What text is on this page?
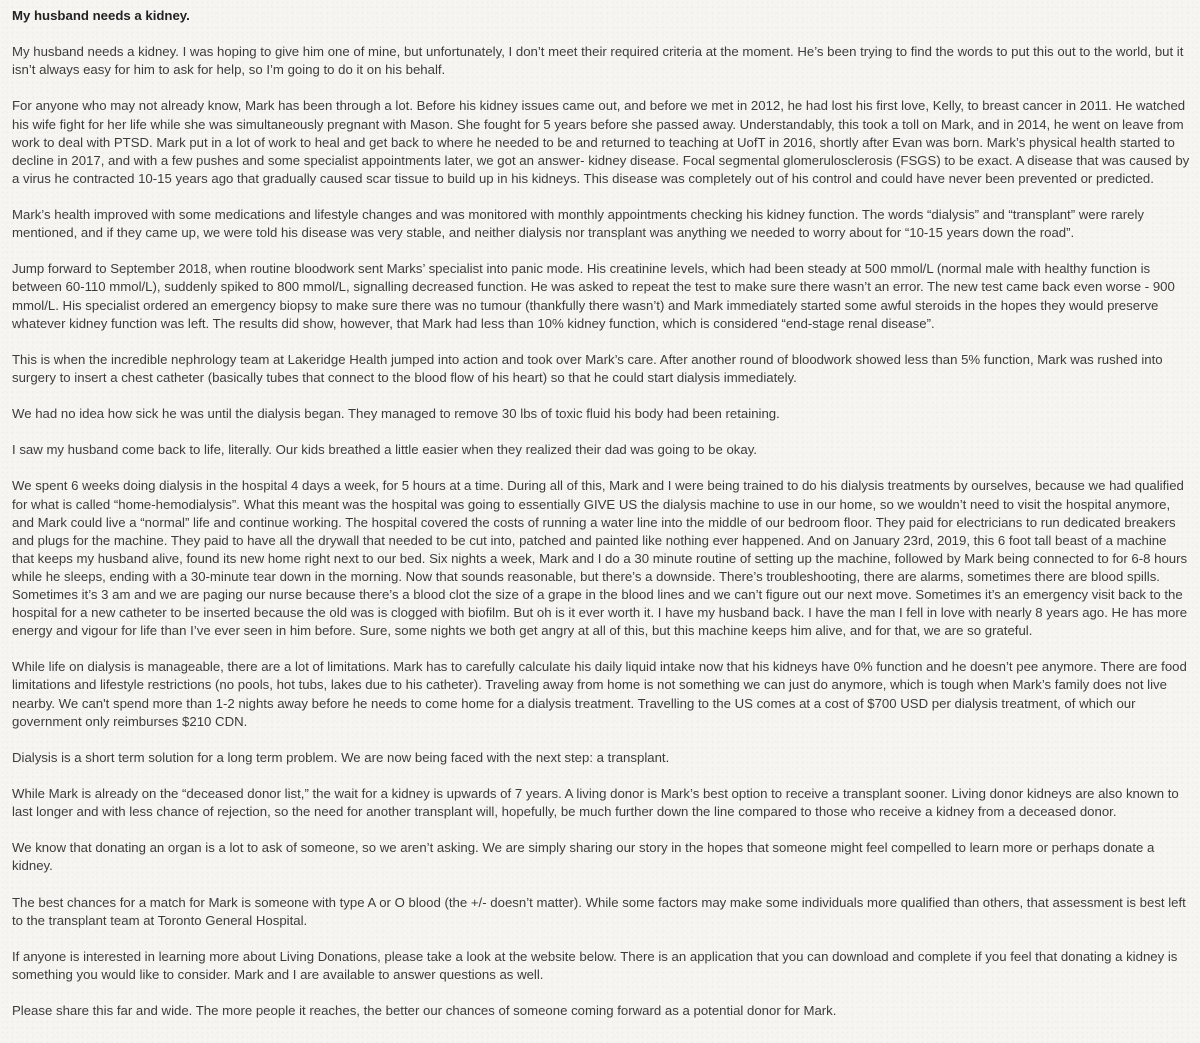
My husband needs a kidney.

My husband needs a kidney. I was hoping to give him one of mine, but unfortunately, I don’t meet their required criteria at the moment. He’s been trying to find the words to put this out to the world, but it isn’t always easy for him to ask for help, so I’m going to do it on his behalf.

For anyone who may not already know, Mark has been through a lot. Before his kidney issues came out, and before we met in 2012, he had lost his first love, Kelly, to breast cancer in 2011. He watched his wife fight for her life while she was simultaneously pregnant with Mason. She fought for 5 years before she passed away. Understandably, this took a toll on Mark, and in 2014, he went on leave from work to deal with PTSD. Mark put in a lot of work to heal and get back to where he needed to be and returned to teaching at UofT in 2016, shortly after Evan was born. Mark’s physical health started to decline in 2017, and with a few pushes and some specialist appointments later, we got an answer- kidney disease. Focal segmental glomerulosclerosis (FSGS) to be exact. A disease that was caused by a virus he contracted 10-15 years ago that gradually caused scar tissue to build up in his kidneys. This disease was completely out of his control and could have never been prevented or predicted.

Mark’s health improved with some medications and lifestyle changes and was monitored with monthly appointments checking his kidney function. The words “dialysis” and “transplant” were rarely mentioned, and if they came up, we were told his disease was very stable, and neither dialysis nor transplant was anything we needed to worry about for “10-15 years down the road”.

Jump forward to September 2018, when routine bloodwork sent Marks’ specialist into panic mode. His creatinine levels, which had been steady at 500 mmol/L (normal male with healthy function is between 60-110 mmol/L), suddenly spiked to 800 mmol/L, signalling decreased function. He was asked to repeat the test to make sure there wasn’t an error. The new test came back even worse - 900 mmol/L. His specialist ordered an emergency biopsy to make sure there was no tumour (thankfully there wasn’t) and Mark immediately started some awful steroids in the hopes they would preserve whatever kidney function was left. The results did show, however, that Mark had less than 10% kidney function, which is considered “end-stage renal disease”.

This is when the incredible nephrology team at Lakeridge Health jumped into action and took over Mark’s care. After another round of bloodwork showed less than 5% function, Mark was rushed into surgery to insert a chest catheter (basically tubes that connect to the blood flow of his heart) so that he could start dialysis immediately.

We had no idea how sick he was until the dialysis began. They managed to remove 30 lbs of toxic fluid his body had been retaining.

I saw my husband come back to life, literally. Our kids breathed a little easier when they realized their dad was going to be okay.

We spent 6 weeks doing dialysis in the hospital 4 days a week, for 5 hours at a time. During all of this, Mark and I were being trained to do his dialysis treatments by ourselves, because we had qualified for what is called “home-hemodialysis”. What this meant was the hospital was going to essentially GIVE US the dialysis machine to use in our home, so we wouldn’t need to visit the hospital anymore, and Mark could live a “normal” life and continue working. The hospital covered the costs of running a water line into the middle of our bedroom floor. They paid for electricians to run dedicated breakers and plugs for the machine. They paid to have all the drywall that needed to be cut into, patched and painted like nothing ever happened. And on January 23rd, 2019, this 6 foot tall beast of a machine that keeps my husband alive, found its new home right next to our bed. Six nights a week, Mark and I do a 30 minute routine of setting up the machine, followed by Mark being connected to for 6-8 hours while he sleeps, ending with a 30-minute tear down in the morning. Now that sounds reasonable, but there’s a downside. There’s troubleshooting, there are alarms, sometimes there are blood spills. Sometimes it’s 3 am and we are paging our nurse because there’s a blood clot the size of a grape in the blood lines and we can’t figure out our next move. Sometimes it’s an emergency visit back to the hospital for a new catheter to be inserted because the old was is clogged with biofilm. But oh is it ever worth it. I have my husband back. I have the man I fell in love with nearly 8 years ago. He has more energy and vigour for life than I’ve ever seen in him before. Sure, some nights we both get angry at all of this, but this machine keeps him alive, and for that, we are so grateful.

While life on dialysis is manageable, there are a lot of limitations. Mark has to carefully calculate his daily liquid intake now that his kidneys have 0% function and he doesn’t pee anymore. There are food limitations and lifestyle restrictions (no pools, hot tubs, lakes due to his catheter). Traveling away from home is not something we can just do anymore, which is tough when Mark’s family does not live nearby. We can't spend more than 1-2 nights away before he needs to come home for a dialysis treatment. Travelling to the US comes at a cost of $700 USD per dialysis treatment, of which our government only reimburses $210 CDN.

Dialysis is a short term solution for a long term problem. We are now being faced with the next step: a transplant.

While Mark is already on the “deceased donor list,” the wait for a kidney is upwards of 7 years. A living donor is Mark’s best option to receive a transplant sooner. Living donor kidneys are also known to last longer and with less chance of rejection, so the need for another transplant will, hopefully, be much further down the line compared to those who receive a kidney from a deceased donor.

We know that donating an organ is a lot to ask of someone, so we aren’t asking. We are simply sharing our story in the hopes that someone might feel compelled to learn more or perhaps donate a kidney.

The best chances for a match for Mark is someone with type A or O blood (the +/- doesn’t matter). While some factors may make some individuals more qualified than others, that assessment is best left to the transplant team at Toronto General Hospital.

If anyone is interested in learning more about Living Donations, please take a look at the website below. There is an application that you can download and complete if you feel that donating a kidney is something you would like to consider. Mark and I are available to answer questions as well.

Please share this far and wide. The more people it reaches, the better our chances of someone coming forward as a potential donor for Mark.
